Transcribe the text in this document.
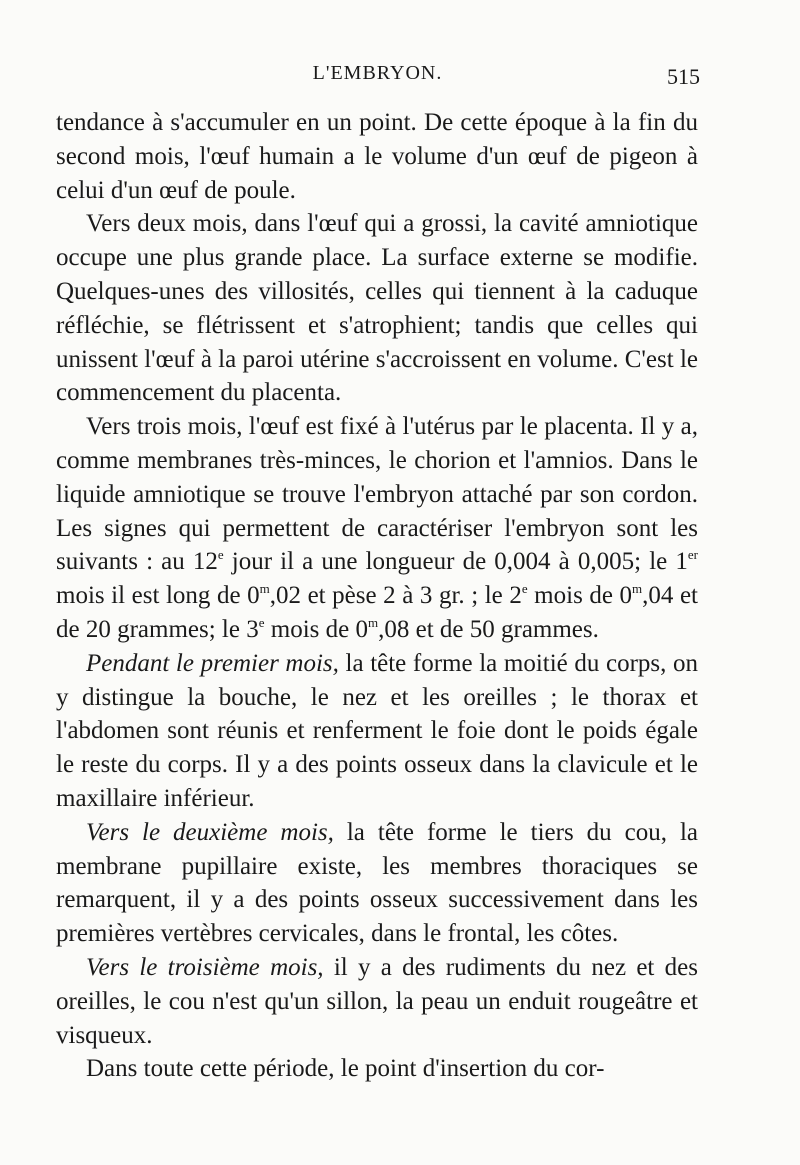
L'EMBRYON.	515

tendance à s'accumuler en un point. De cette époque à la fin du second mois, l'œuf humain a le volume d'un œuf de pigeon à celui d'un œuf de poule.

Vers deux mois, dans l'œuf qui a grossi, la cavité amniotique occupe une plus grande place. La surface externe se modifie. Quelques-unes des villosités, celles qui tiennent à la caduque réfléchie, se flétrissent et s'atrophient; tandis que celles qui unissent l'œuf à la paroi utérine s'accroissent en volume. C'est le commencement du placenta.

Vers trois mois, l'œuf est fixé à l'utérus par le placenta. Il y a, comme membranes très-minces, le chorion et l'amnios. Dans le liquide amniotique se trouve l'embryon attaché par son cordon. Les signes qui permettent de caractériser l'embryon sont les suivants : au 12e jour il a une longueur de 0,004 à 0,005; le 1er mois il est long de 0$^m$,02 et pèse 2 à 3 gr. ; le 2e mois de 0$^m$,04 et de 20 grammes; le 3e mois de 0$^m$,08 et de 50 grammes.

Pendant le premier mois, la tête forme la moitié du corps, on y distingue la bouche, le nez et les oreilles ; le thorax et l'abdomen sont réunis et renferment le foie dont le poids égale le reste du corps. Il y a des points osseux dans la clavicule et le maxillaire inférieur.

Vers le deuxième mois, la tête forme le tiers du cou, la membrane pupillaire existe, les membres thoraciques se remarquent, il y a des points osseux successivement dans les premières vertèbres cervicales, dans le frontal, les côtes.

Vers le troisième mois, il y a des rudiments du nez et des oreilles, le cou n'est qu'un sillon, la peau un enduit rougeâtre et visqueux.

Dans toute cette période, le point d'insertion du cor-
